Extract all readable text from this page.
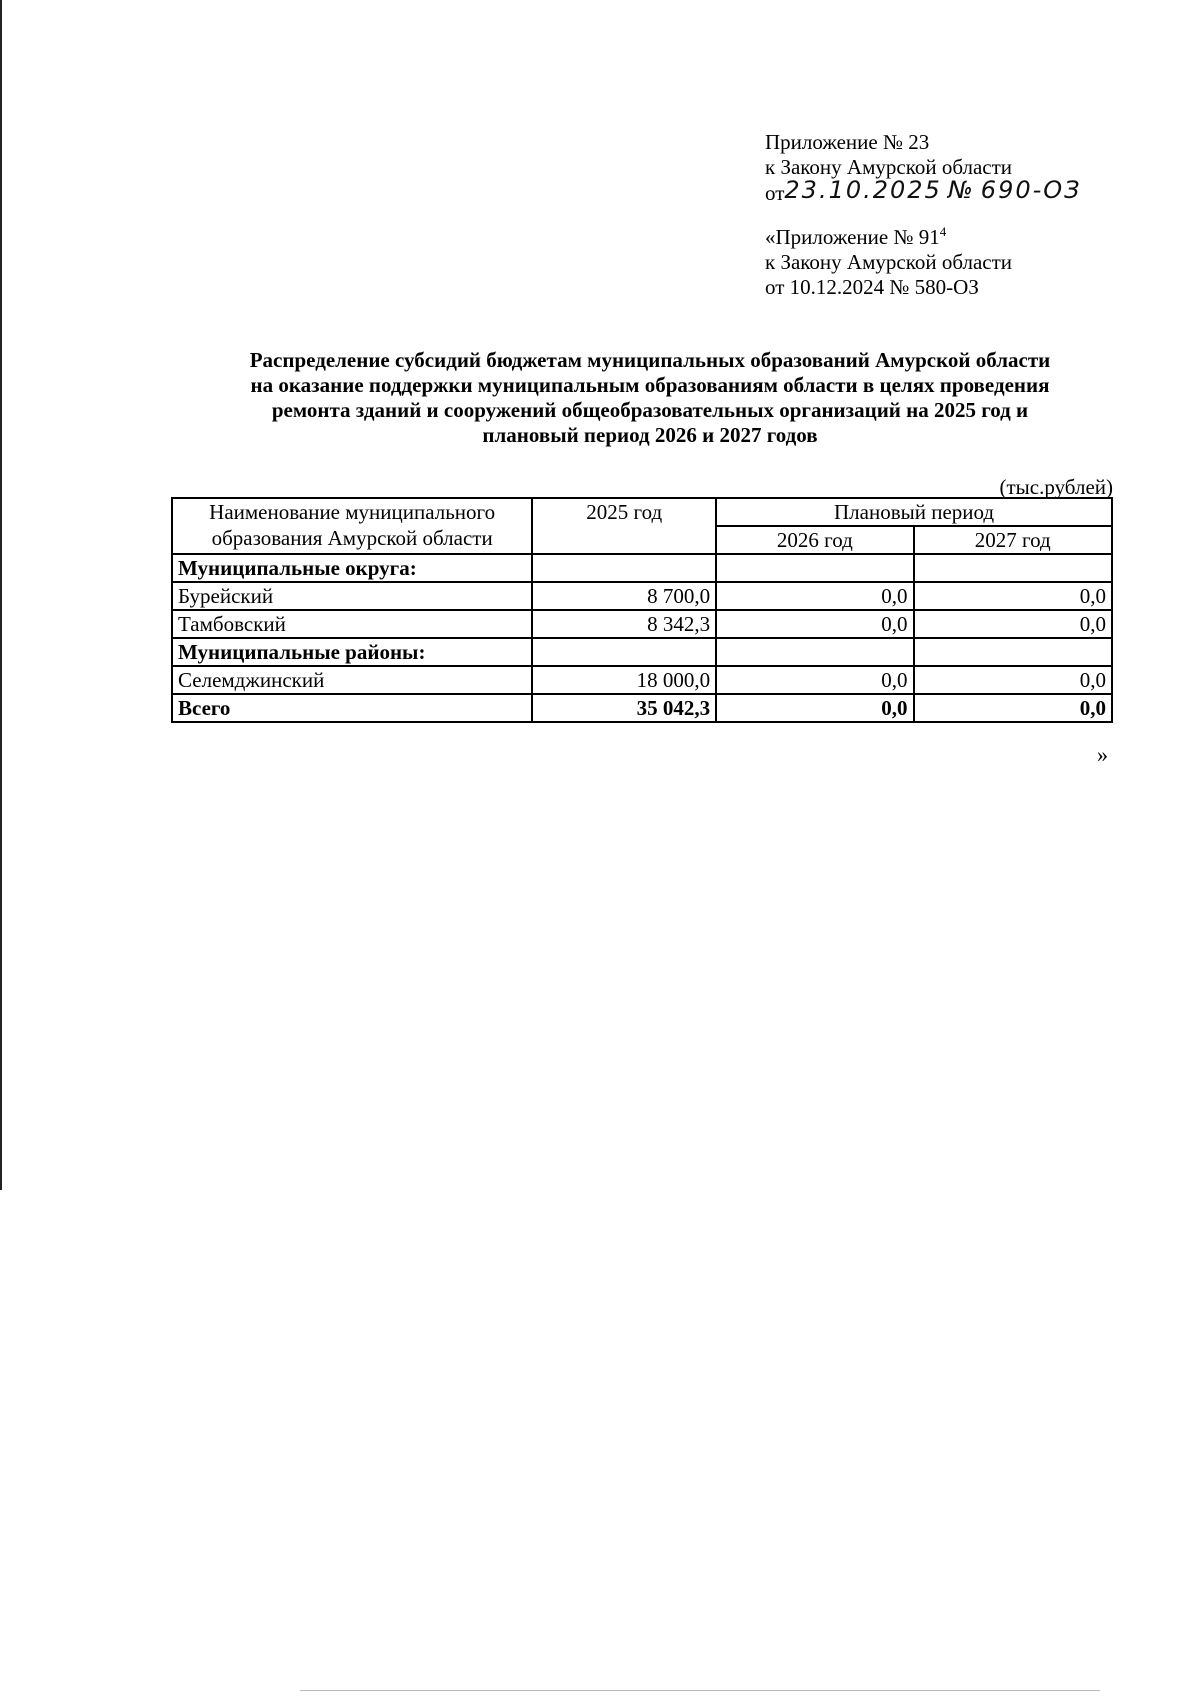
Приложение № 23
к Закону Амурской области
от23.10.2025 № 690-ОЗ
«Приложение № $91^4$
к Закону Амурской области
от 10.12.2024 № 580-ОЗ
Распределение субсидий бюджетам муниципальных образований Амурской области
на оказание поддержки муниципальным образованиям области в целях проведения
ремонта зданий и сооружений общеобразовательных организаций на 2025 год и
плановый период 2026 и 2027 годов
(тыс.рублей)
Наименование муниципального
образования Амурской области	2025 год	Плановый период	
		2026 год	2027 год
Муниципальные округа:			
Бурейский	8 700,0	0,0	0,0
Тамбовский	8 342,3	0,0	0,0
Муниципальные районы:			
Селемджинский	18 000,0	0,0	0,0
Всего	35 042,3	0,0	0,0
»
